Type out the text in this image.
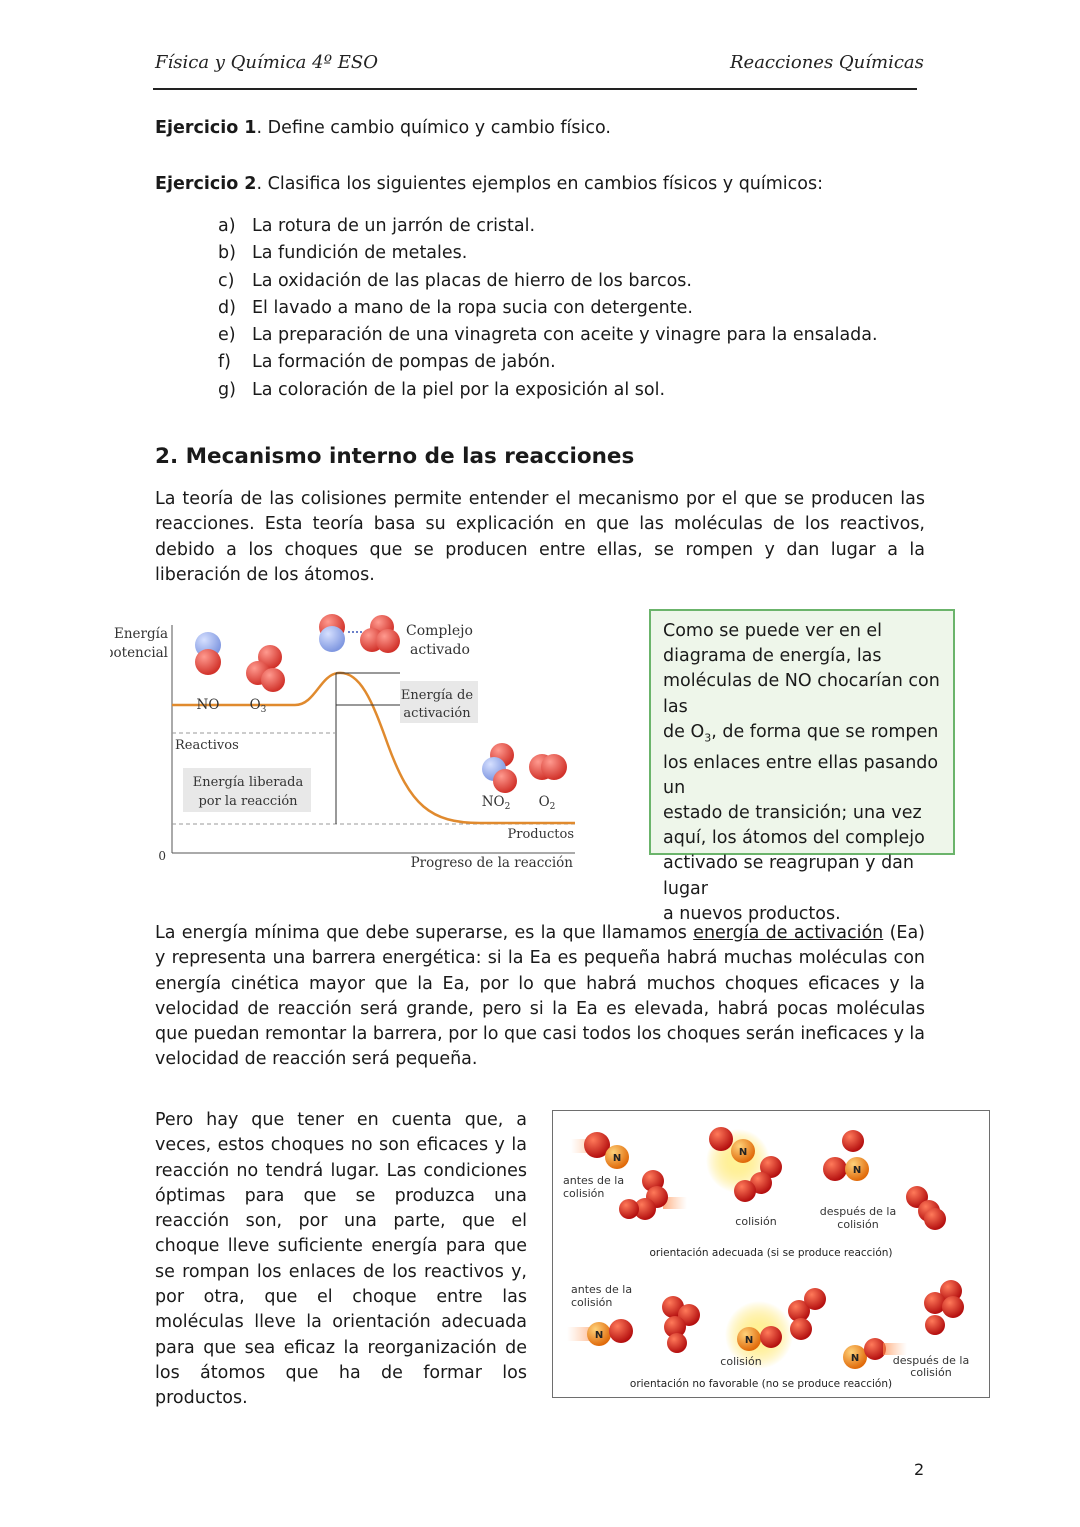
Física y Química 4º ESO	Reacciones Químicas
Ejercicio 1. Define cambio químico y cambio físico.
Ejercicio 2. Clasifica los siguientes ejemplos en cambios físicos y químicos:
a) La rotura de un jarrón de cristal.
b) La fundición de metales.
c) La oxidación de las placas de hierro de los barcos.
d) El lavado a mano de la ropa sucia con detergente.
e) La preparación de una vinagreta con aceite y vinagre para la ensalada.
f) La formación de pompas de jabón.
g) La coloración de la piel por la exposición al sol.
2. Mecanismo interno de las reacciones
La teoría de las colisiones permite entender el mecanismo por el que se producen las reacciones. Esta teoría basa su explicación en que las moléculas de los reactivos, debido a los choques que se producen entre ellas, se rompen y dan lugar a la liberación de los átomos.
Energía
potencial
0	Progreso de la reacción
Energía de
activación
Energía liberada
por la reacción
Reactivos
Productos
Complejo
activado
NO $O_3$
$NO_2$ $O_2$
Como se puede ver en el
diagrama de energía, las
moléculas de NO chocarían con las
de $O_3$, de forma que se rompen
los enlaces entre ellas pasando un
estado de transición; una vez
aquí, los átomos del complejo
activado se reagrupan y dan lugar
a nuevos productos.
La energía mínima que debe superarse, es la que llamamos energía de activación (Ea) y representa una barrera energética: si la Ea es pequeña habrá muchas moléculas con energía cinética mayor que la Ea, por lo que habrá muchos choques eficaces y la velocidad de reacción será grande, pero si la Ea es elevada, habrá pocas moléculas que puedan remontar la barrera, por lo que casi todos los choques serán ineficaces y la velocidad de reacción será pequeña.
Pero hay que tener en cuenta que, a veces, estos choques no son eficaces y la reacción no tendrá lugar. Las condiciones óptimas para que se produzca una reacción son, por una parte, que el choque lleve suficiente energía para que se rompan los enlaces de los reactivos y, por otra, que el choque entre las moléculas lleve la orientación adecuada para que sea eficaz la reorganización de los átomos que ha de formar los productos.
N
antes de la
colisión
N
colisión
N
después de la
colisión
orientación adecuada (si se produce reacción)
antes de la
colisión
N	N
colisión	N	después de la
colisión
orientación no favorable (no se produce reacción)
2
